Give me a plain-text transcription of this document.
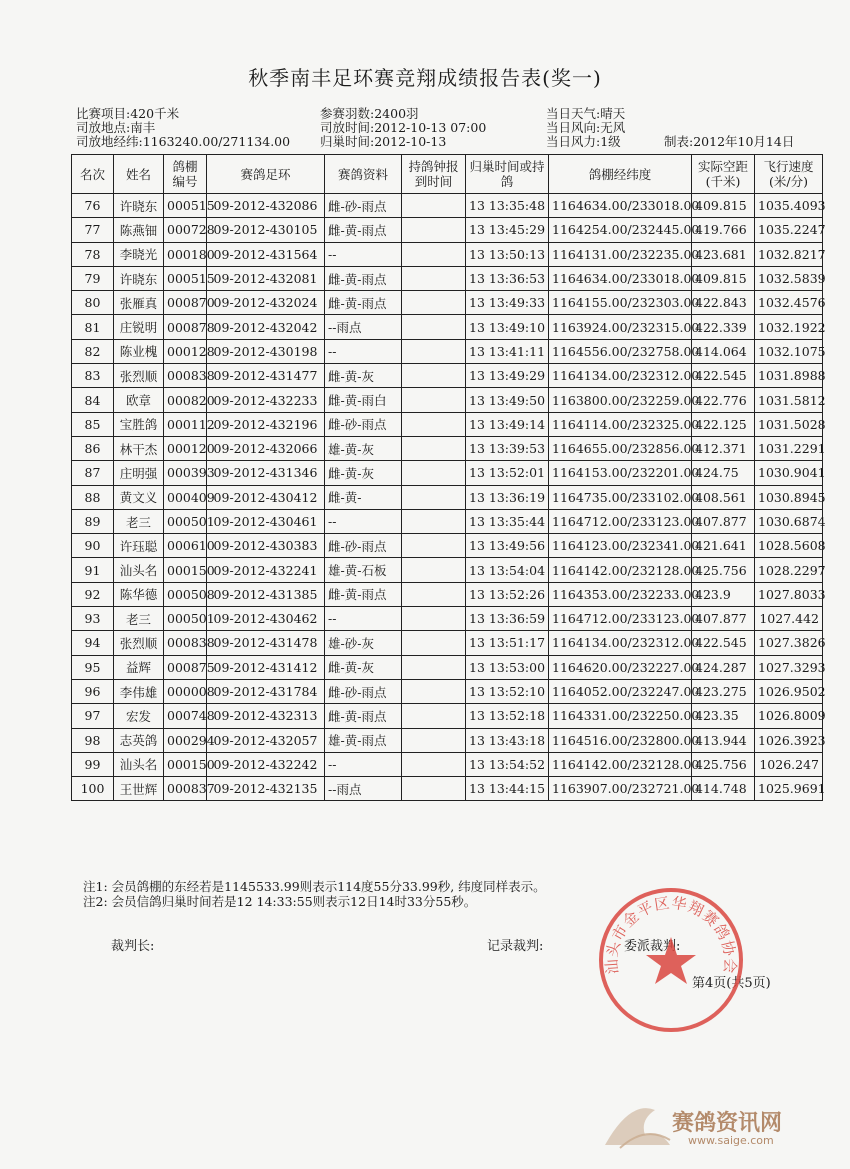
秋季南丰足环赛竞翔成绩报告表(奖一)
比赛项目:420千米
司放地点:南丰
司放地经纬:1163240.00/271134.00
参赛羽数:2400羽
司放时间:2012-10-13 07:00
归巢时间:2012-10-13
当日天气:晴天
当日风向:无风
当日风力:1级	制表:2012年10月14日
名次	姓名	鸽棚编号	赛鸽足环	赛鸽资料	持鸽钟报到时间	归巢时间或持鸽	鸽棚经纬度	实际空距(千米)	飞行速度(米/分)
76	许晓东	000515	09-2012-432086	雌-砂-雨点		13 13:35:48	1164634.00/233018.00	409.815	1035.4093
77	陈燕钿	000728	09-2012-430105	雌-黄-雨点		13 13:45:29	1164254.00/232445.00	419.766	1035.2247
78	李晓光	000180	09-2012-431564	--		13 13:50:13	1164131.00/232235.00	423.681	1032.8217
79	许晓东	000515	09-2012-432081	雌-黄-雨点		13 13:36:53	1164634.00/233018.00	409.815	1032.5839
80	张雁真	000870	09-2012-432024	雌-黄-雨点		13 13:49:33	1164155.00/232303.00	422.843	1032.4576
81	庄锐明	000878	09-2012-432042	--雨点		13 13:49:10	1163924.00/232315.00	422.339	1032.1922
82	陈业槐	000128	09-2012-430198	--		13 13:41:11	1164556.00/232758.00	414.064	1032.1075
83	张烈顺	000838	09-2012-431477	雌-黄-灰		13 13:49:29	1164134.00/232312.00	422.545	1031.8988
84	欧章	000820	09-2012-432233	雌-黄-雨白		13 13:49:50	1163800.00/232259.00	422.776	1031.5812
85	宝胜鸽	000112	09-2012-432196	雌-砂-雨点		13 13:49:14	1164114.00/232325.00	422.125	1031.5028
86	林干杰	000120	09-2012-432066	雄-黄-灰		13 13:39:53	1164655.00/232856.00	412.371	1031.2291
87	庄明强	000393	09-2012-431346	雌-黄-灰		13 13:52:01	1164153.00/232201.00	424.75	1030.9041
88	黄文义	000409	09-2012-430412	雌-黄-		13 13:36:19	1164735.00/233102.00	408.561	1030.8945
89	老三	000501	09-2012-430461	--		13 13:35:44	1164712.00/233123.00	407.877	1030.6874
90	许珏聪	000610	09-2012-430383	雌-砂-雨点		13 13:49:56	1164123.00/232341.00	421.641	1028.5608
91	汕头名	000150	09-2012-432241	雄-黄-石板		13 13:54:04	1164142.00/232128.00	425.756	1028.2297
92	陈华德	000508	09-2012-431385	雌-黄-雨点		13 13:52:26	1164353.00/232233.00	423.9	1027.8033
93	老三	000501	09-2012-430462	--		13 13:36:59	1164712.00/233123.00	407.877	1027.442
94	张烈顺	000838	09-2012-431478	雄-砂-灰		13 13:51:17	1164134.00/232312.00	422.545	1027.3826
95	益辉	000875	09-2012-431412	雌-黄-灰		13 13:53:00	1164620.00/232227.00	424.287	1027.3293
96	李伟雄	000008	09-2012-431784	雌-砂-雨点		13 13:52:10	1164052.00/232247.00	423.275	1026.9502
97	宏发	000748	09-2012-432313	雌-黄-雨点		13 13:52:18	1164331.00/232250.00	423.35	1026.8009
98	志英鸽	000294	09-2012-432057	雄-黄-雨点		13 13:43:18	1164516.00/232800.00	413.944	1026.3923
99	汕头名	000150	09-2012-432242	--		13 13:54:52	1164142.00/232128.00	425.756	1026.247
100	王世辉	000837	09-2012-432135	--雨点		13 13:44:15	1163907.00/232721.00	414.748	1025.9691
注1: 会员鸽棚的东经若是1145533.99则表示114度55分33.99秒, 纬度同样表示。
注2: 会员信鸽归巢时间若是12 14:33:55则表示12日14时33分55秒。
裁判长:	记录裁判:	委派裁判:
第4页(共5页)
汕头市金平区华翔赛鸽协会
赛鸽资讯网
www.saige.com
